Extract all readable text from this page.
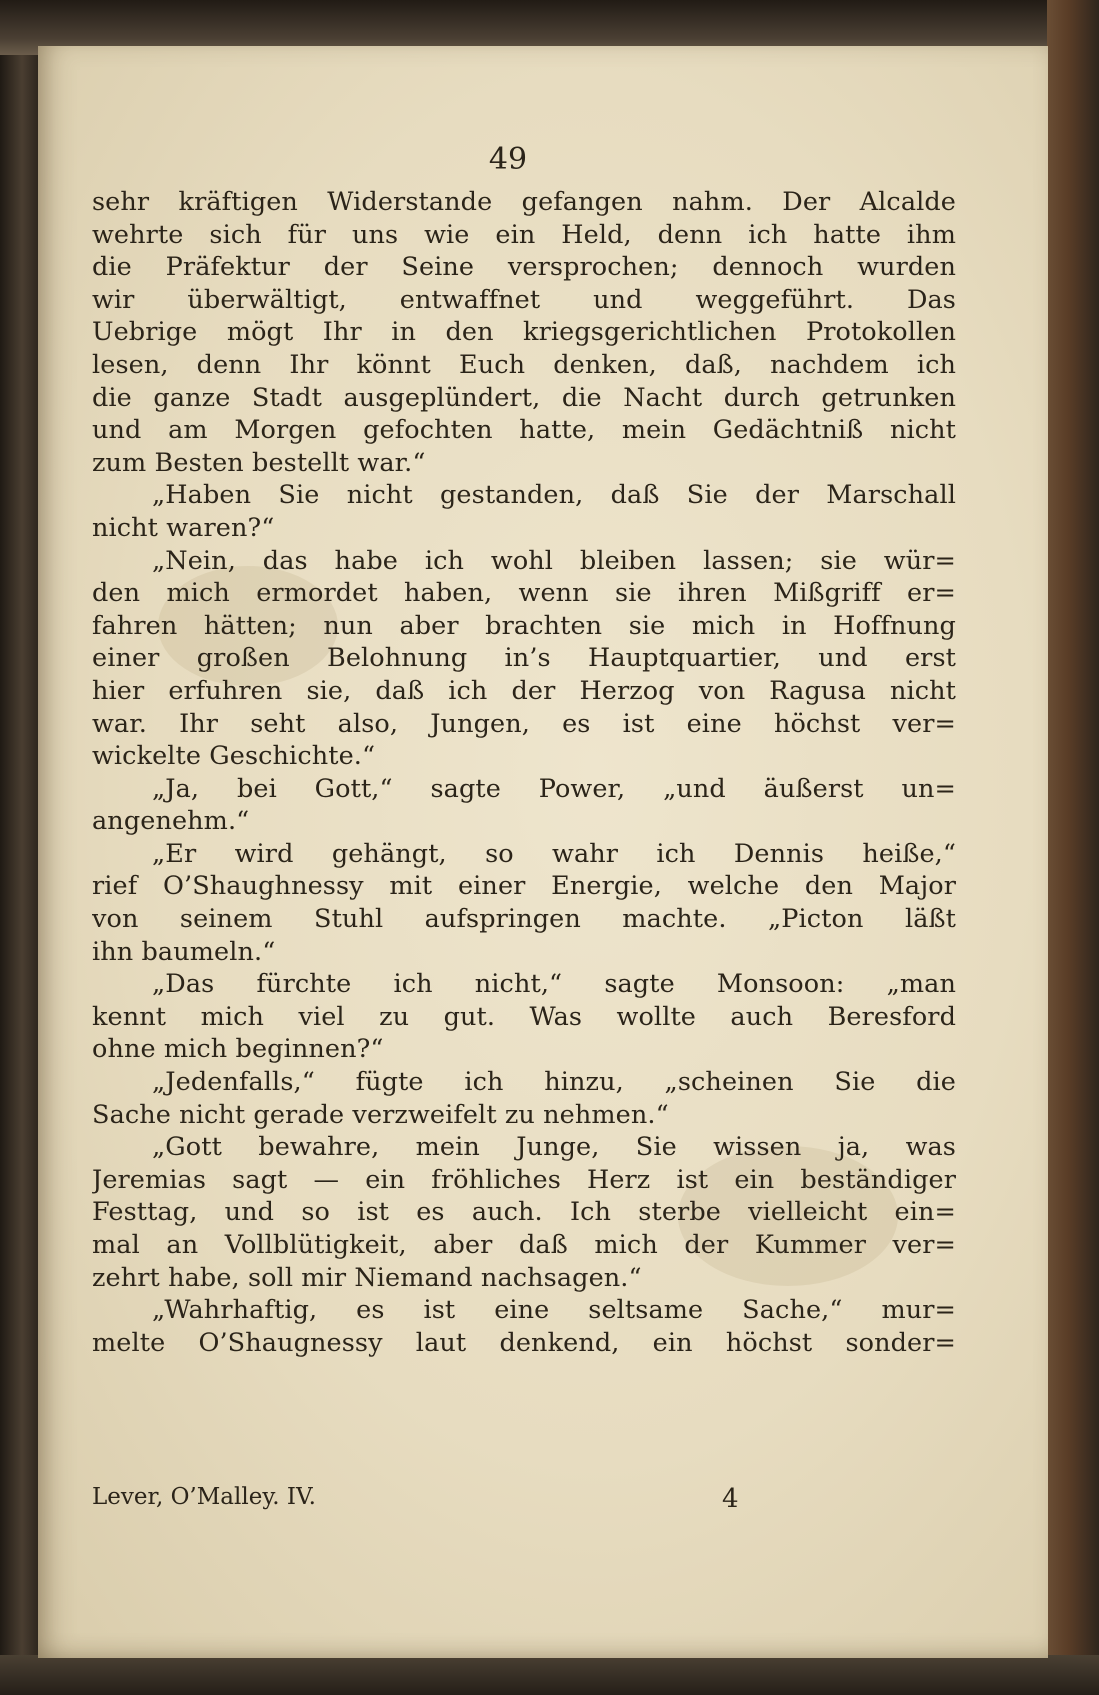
49
sehr kräftigen Widerstande gefangen nahm. Der Alcalde
wehrte sich für uns wie ein Held, denn ich hatte ihm
die Präfektur der Seine versprochen; dennoch wurden
wir überwältigt, entwaffnet und weggeführt. Das
Uebrige mögt Ihr in den kriegsgerichtlichen Protokollen
lesen, denn Ihr könnt Euch denken, daß, nachdem ich
die ganze Stadt ausgeplündert, die Nacht durch getrunken
und am Morgen gefochten hatte, mein Gedächtniß nicht
zum Besten bestellt war.“
„Haben Sie nicht gestanden, daß Sie der Marschall
nicht waren?“
„Nein, das habe ich wohl bleiben lassen; sie wür=
den mich ermordet haben, wenn sie ihren Mißgriff er=
fahren hätten; nun aber brachten sie mich in Hoffnung
einer großen Belohnung in’s Hauptquartier, und erst
hier erfuhren sie, daß ich der Herzog von Ragusa nicht
war. Ihr seht also, Jungen, es ist eine höchst ver=
wickelte Geschichte.“
„Ja, bei Gott,“ sagte Power, „und äußerst un=
angenehm.“
„Er wird gehängt, so wahr ich Dennis heiße,“
rief O’Shaughnessy mit einer Energie, welche den Major
von seinem Stuhl aufspringen machte. „Picton läßt
ihn baumeln.“
„Das fürchte ich nicht,“ sagte Monsoon: „man
kennt mich viel zu gut. Was wollte auch Beresford
ohne mich beginnen?“
„Jedenfalls,“ fügte ich hinzu, „scheinen Sie die
Sache nicht gerade verzweifelt zu nehmen.“
„Gott bewahre, mein Junge, Sie wissen ja, was
Jeremias sagt — ein fröhliches Herz ist ein beständiger
Festtag, und so ist es auch. Ich sterbe vielleicht ein=
mal an Vollblütigkeit, aber daß mich der Kummer ver=
zehrt habe, soll mir Niemand nachsagen.“
„Wahrhaftig, es ist eine seltsame Sache,“ mur=
melte O’Shaugnessy laut denkend, ein höchst sonder=
Lever, O’Malley. IV.	4
